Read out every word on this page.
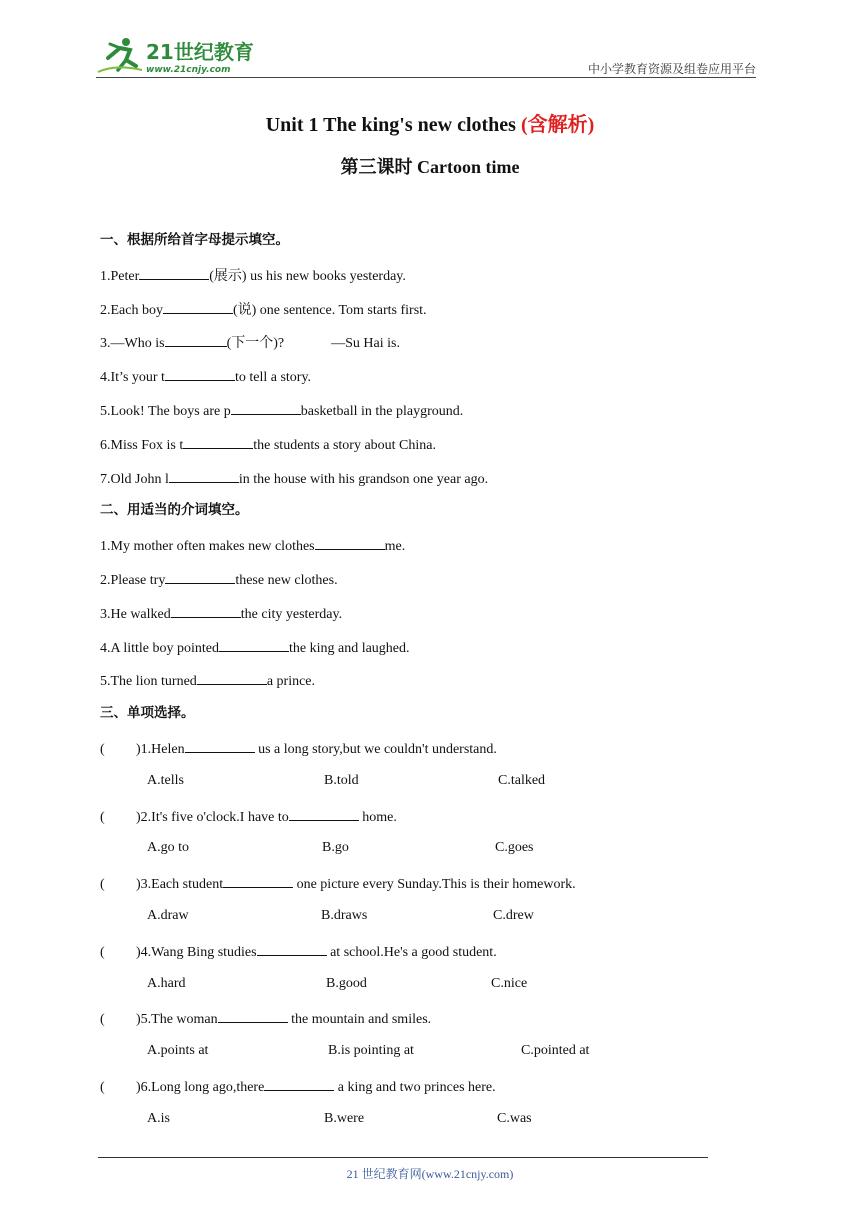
21世纪教育
www.21cnjy.com	中小学教育资源及组卷应用平台
Unit 1 The king's new clothes (含解析)
第三课时 Cartoon time
一、根据所给首字母提示填空。
1.Peter	(展示) us his new books yesterday.
2.Each boy	(说) one sentence. Tom starts first.
3.—Who is	(下一个)?	—Su Hai is.
4.It’s your t	to tell a story.
5.Look! The boys are p	basketball in the playground.
6.Miss Fox is t	the students a story about China.
7.Old John l	in the house with his grandson one year ago.
二、用适当的介词填空。
1.My mother often makes new clothes	me.
2.Please try	these new clothes.
3.He walked	the city yesterday.
4.A little boy pointed	the king and laughed.
5.The lion turned	a prince.
三、单项选择。
( )1.Helen	us a long story,but we couldn't understand.
A.tells	B.told	C.talked
( )2.It's five o'clock.I have to	home.
A.go to	B.go	C.goes
( )3.Each student	one picture every Sunday.This is their homework.
A.draw	B.draws	C.drew
( )4.Wang Bing studies	at school.He's a good student.
A.hard	B.good	C.nice
( )5.The woman	the mountain and smiles.
A.points at	B.is pointing at	C.pointed at
( )6.Long long ago,there	a king and two princes here.
A.is	B.were	C.was
21 世纪教育网(www.21cnjy.com)
